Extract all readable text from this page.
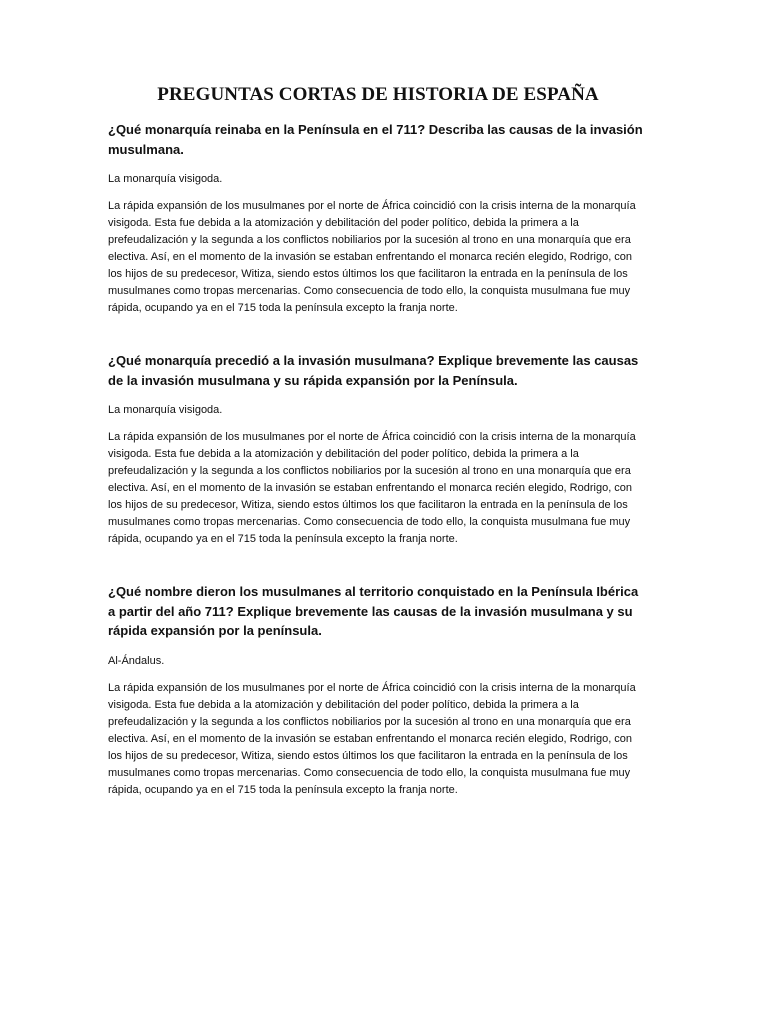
PREGUNTAS CORTAS DE HISTORIA DE ESPAÑA

¿Qué monarquía reinaba en la Península en el 711? Describa las causas de la invasión musulmana.

La monarquía visigoda.

La rápida expansión de los musulmanes por el norte de África coincidió con la crisis interna de la monarquía visigoda. Esta fue debida a la atomización y debilitación del poder político, debida la primera a la prefeudalización y la segunda a los conflictos nobiliarios por la sucesión al trono en una monarquía que era electiva. Así, en el momento de la invasión se estaban enfrentando el monarca recién elegido, Rodrigo, con los hijos de su predecesor, Witiza, siendo estos últimos los que facilitaron la entrada en la península de los musulmanes como tropas mercenarias. Como consecuencia de todo ello, la conquista musulmana fue muy rápida, ocupando ya en el 715 toda la península excepto la franja norte.

¿Qué monarquía precedió a la invasión musulmana? Explique brevemente las causas de la invasión musulmana y su rápida expansión por la Península.

La monarquía visigoda.

La rápida expansión de los musulmanes por el norte de África coincidió con la crisis interna de la monarquía visigoda. Esta fue debida a la atomización y debilitación del poder político, debida la primera a la prefeudalización y la segunda a los conflictos nobiliarios por la sucesión al trono en una monarquía que era electiva. Así, en el momento de la invasión se estaban enfrentando el monarca recién elegido, Rodrigo, con los hijos de su predecesor, Witiza, siendo estos últimos los que facilitaron la entrada en la península de los musulmanes como tropas mercenarias. Como consecuencia de todo ello, la conquista musulmana fue muy rápida, ocupando ya en el 715 toda la península excepto la franja norte.

¿Qué nombre dieron los musulmanes al territorio conquistado en la Península Ibérica a partir del año 711? Explique brevemente las causas de la invasión musulmana y su rápida expansión por la península.

Al-Ándalus.

La rápida expansión de los musulmanes por el norte de África coincidió con la crisis interna de la monarquía visigoda. Esta fue debida a la atomización y debilitación del poder político, debida la primera a la prefeudalización y la segunda a los conflictos nobiliarios por la sucesión al trono en una monarquía que era electiva. Así, en el momento de la invasión se estaban enfrentando el monarca recién elegido, Rodrigo, con los hijos de su predecesor, Witiza, siendo estos últimos los que facilitaron la entrada en la península de los musulmanes como tropas mercenarias. Como consecuencia de todo ello, la conquista musulmana fue muy rápida, ocupando ya en el 715 toda la península excepto la franja norte.
